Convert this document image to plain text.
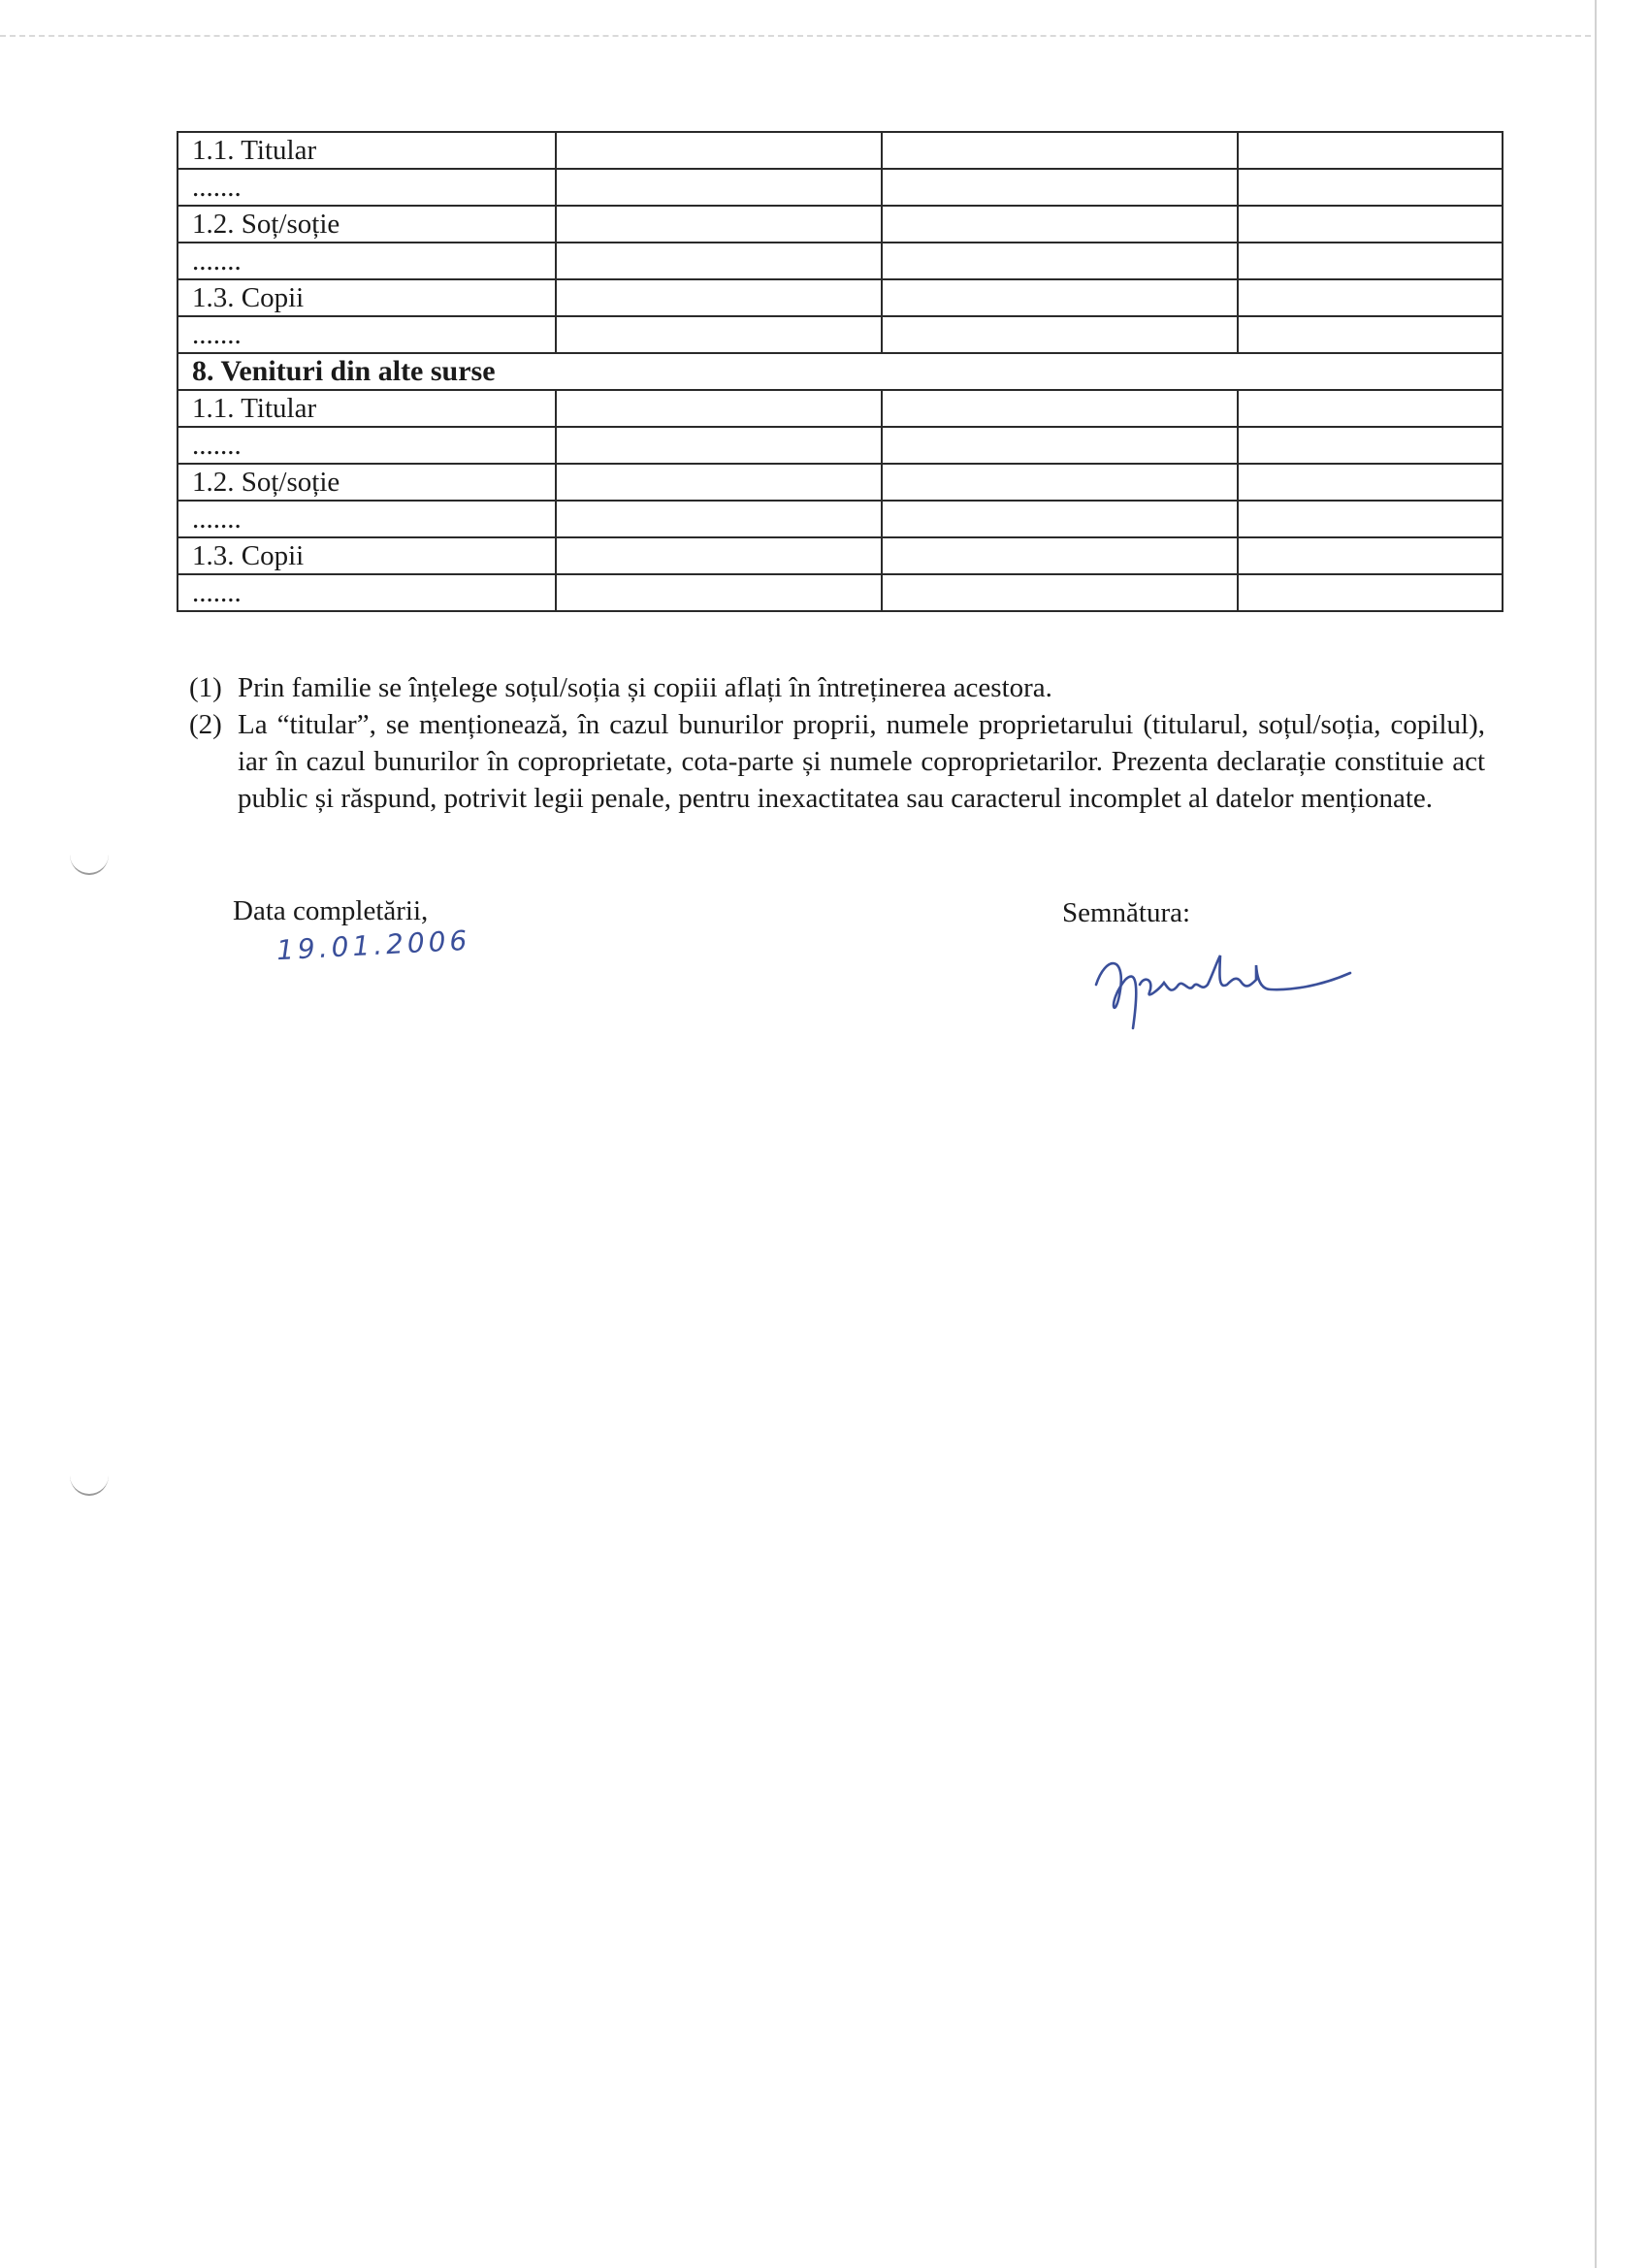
1.1. Titular			
.......			
1.2. Soț/soție			
.......			
1.3. Copii			
.......			
8. Venituri din alte surse			
1.1. Titular			
.......			
1.2. Soț/soție			
.......			
1.3. Copii			
.......			
(1) Prin familie se înțelege soțul/soția și copiii aflați în întreținerea acestora.
(2) La “titular”, se menționează, în cazul bunurilor proprii, numele proprietarului (titularul, soțul/soția, copilul), iar în cazul bunurilor în coproprietate, cota-parte și numele coproprietarilor. Prezenta declarație constituie act public și răspund, potrivit legii penale, pentru inexactitatea sau caracterul incomplet al datelor menționate.
Data completării,
19.01.2006
Semnătura:
